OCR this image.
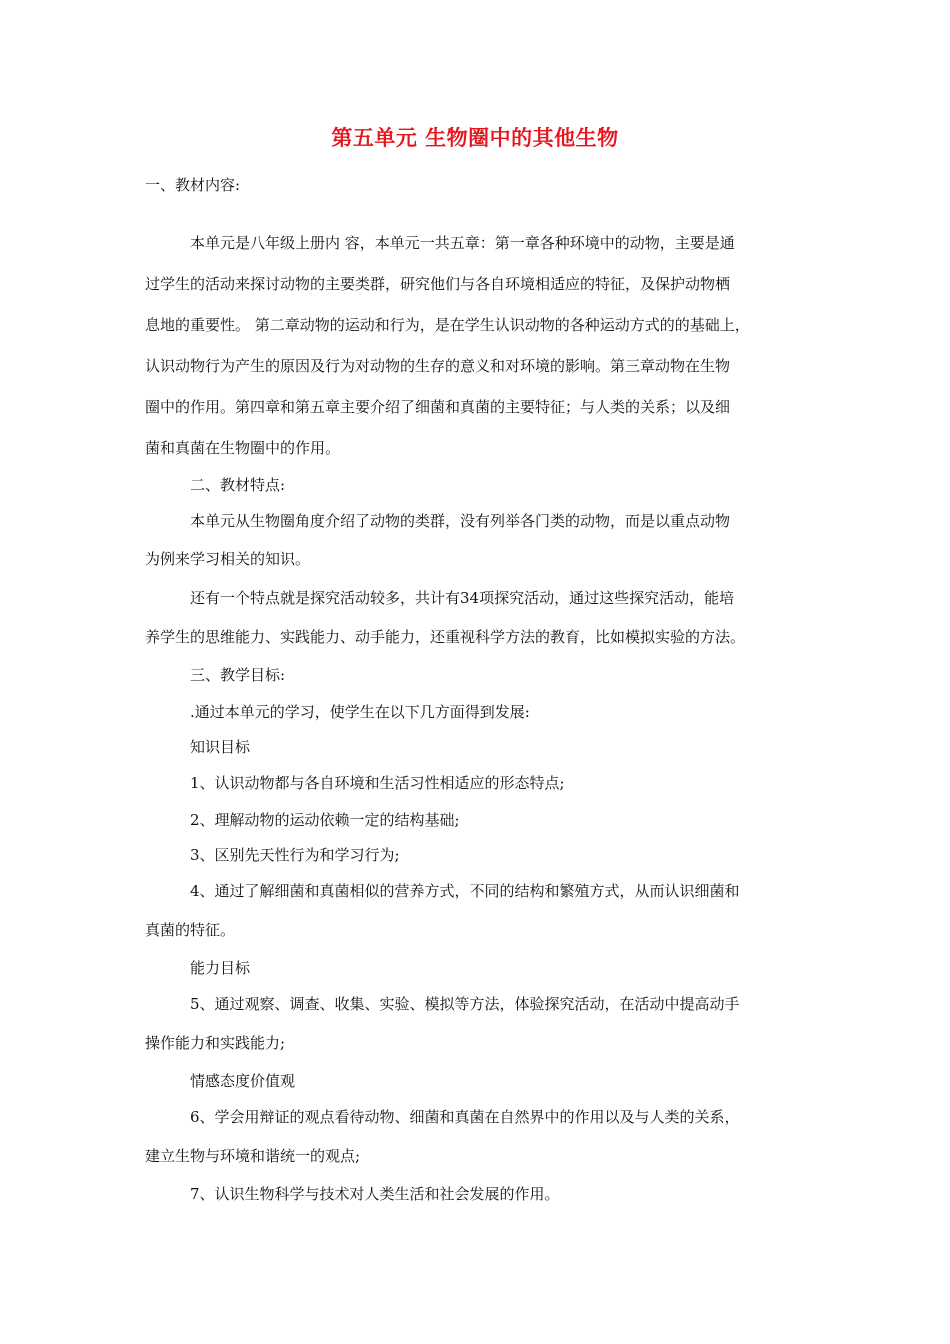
第五单元 生物圈中的其他生物
一、教材内容:
本单元是八年级上册内 容，本单元一共五章：第一章各种环境中的动物，主要是通
过学生的活动来探讨动物的主要类群，研究他们与各自环境相适应的特征，及保护动物栖
息地的重要性。 第二章动物的运动和行为，是在学生认识动物的各种运动方式的的基础上，
认识动物行为产生的原因及行为对动物的生存的意义和对环境的影响。第三章动物在生物
圈中的作用。第四章和第五章主要介绍了细菌和真菌的主要特征；与人类的关系；以及细
菌和真菌在生物圈中的作用。
二、教材特点:
本单元从生物圈角度介绍了动物的类群，没有列举各门类的动物，而是以重点动物
为例来学习相关的知识。
还有一个特点就是探究活动较多，共计有34项探究活动，通过这些探究活动，能培
养学生的思维能力、实践能力、动手能力，还重视科学方法的教育，比如模拟实验的方法。
三、教学目标:
.通过本单元的学习，使学生在以下几方面得到发展:
知识目标
1、认识动物都与各自环境和生活习性相适应的形态特点;
2、理解动物的运动依赖一定的结构基础;
3、区别先天性行为和学习行为;
4、通过了解细菌和真菌相似的营养方式，不同的结构和繁殖方式，从而认识细菌和
真菌的特征。
能力目标
5、通过观察、调查、收集、实验、模拟等方法，体验探究活动，在活动中提高动手
操作能力和实践能力;
情感态度价值观
6、学会用辩证的观点看待动物、细菌和真菌在自然界中的作用以及与人类的关系，
建立生物与环境和谐统一的观点;
7、认识生物科学与技术对人类生活和社会发展的作用。
